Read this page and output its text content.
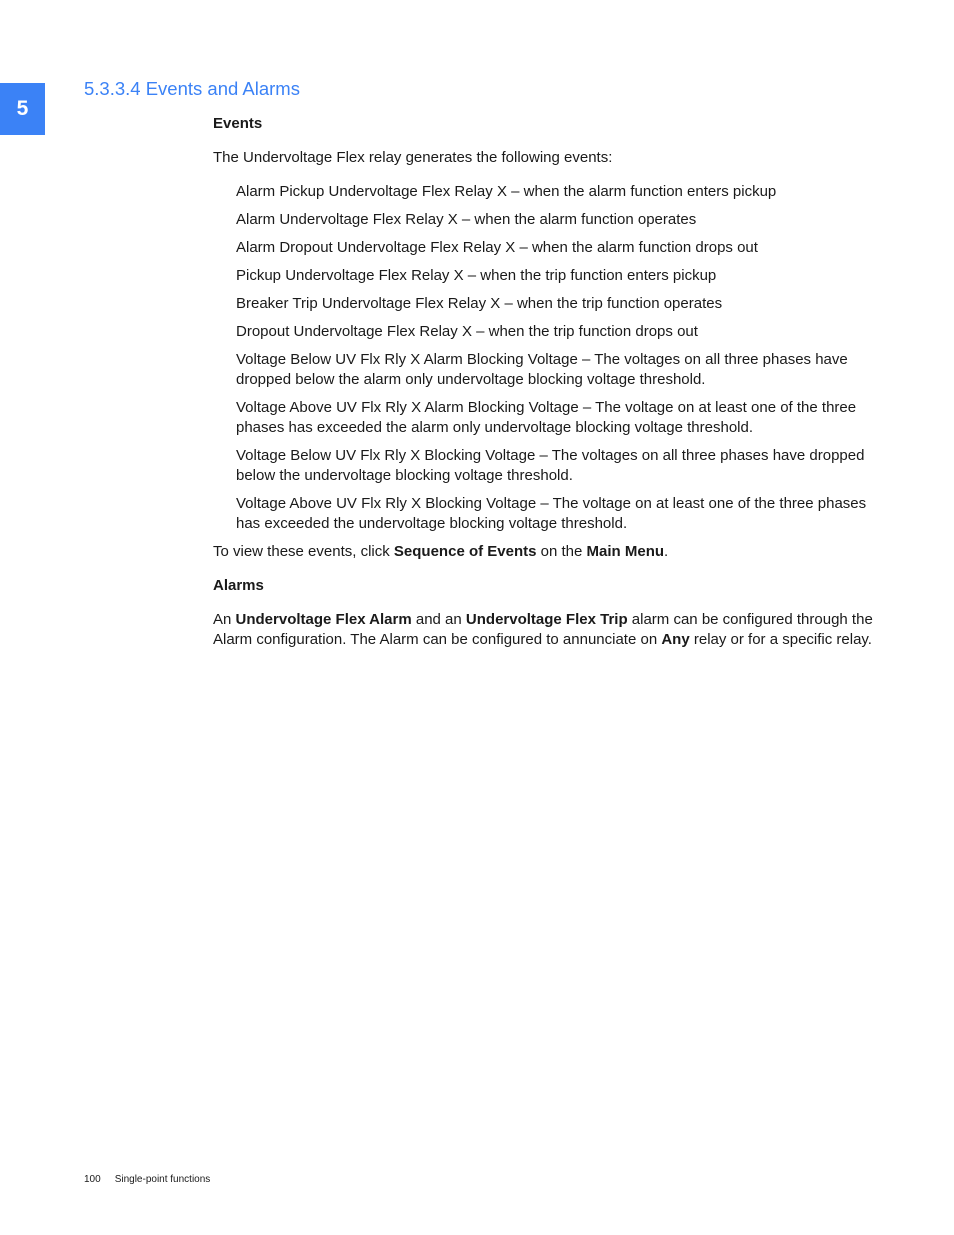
5
5.3.3.4 Events and Alarms
Events

The Undervoltage Flex relay generates the following events:

Alarm Pickup Undervoltage Flex Relay X – when the alarm function enters pickup
Alarm Undervoltage Flex Relay X – when the alarm function operates
Alarm Dropout Undervoltage Flex Relay X – when the alarm function drops out
Pickup Undervoltage Flex Relay X – when the trip function enters pickup
Breaker Trip Undervoltage Flex Relay X – when the trip function operates
Dropout Undervoltage Flex Relay X – when the trip function drops out
Voltage Below UV Flx Rly X Alarm Blocking Voltage – The voltages on all three phases have dropped below the alarm only undervoltage blocking voltage threshold.
Voltage Above UV Flx Rly X Alarm Blocking Voltage – The voltage on at least one of the three phases has exceeded the alarm only undervoltage blocking voltage threshold.
Voltage Below UV Flx Rly X Blocking Voltage – The voltages on all three phases have dropped below the undervoltage blocking voltage threshold.
Voltage Above UV Flx Rly X Blocking Voltage – The voltage on at least one of the three phases has exceeded the undervoltage blocking voltage threshold.

To view these events, click Sequence of Events on the Main Menu.

Alarms

An Undervoltage Flex Alarm and an Undervoltage Flex Trip alarm can be configured through the Alarm configuration. The Alarm can be configured to annunciate on Any relay or for a specific relay.

100 Single-point functions
